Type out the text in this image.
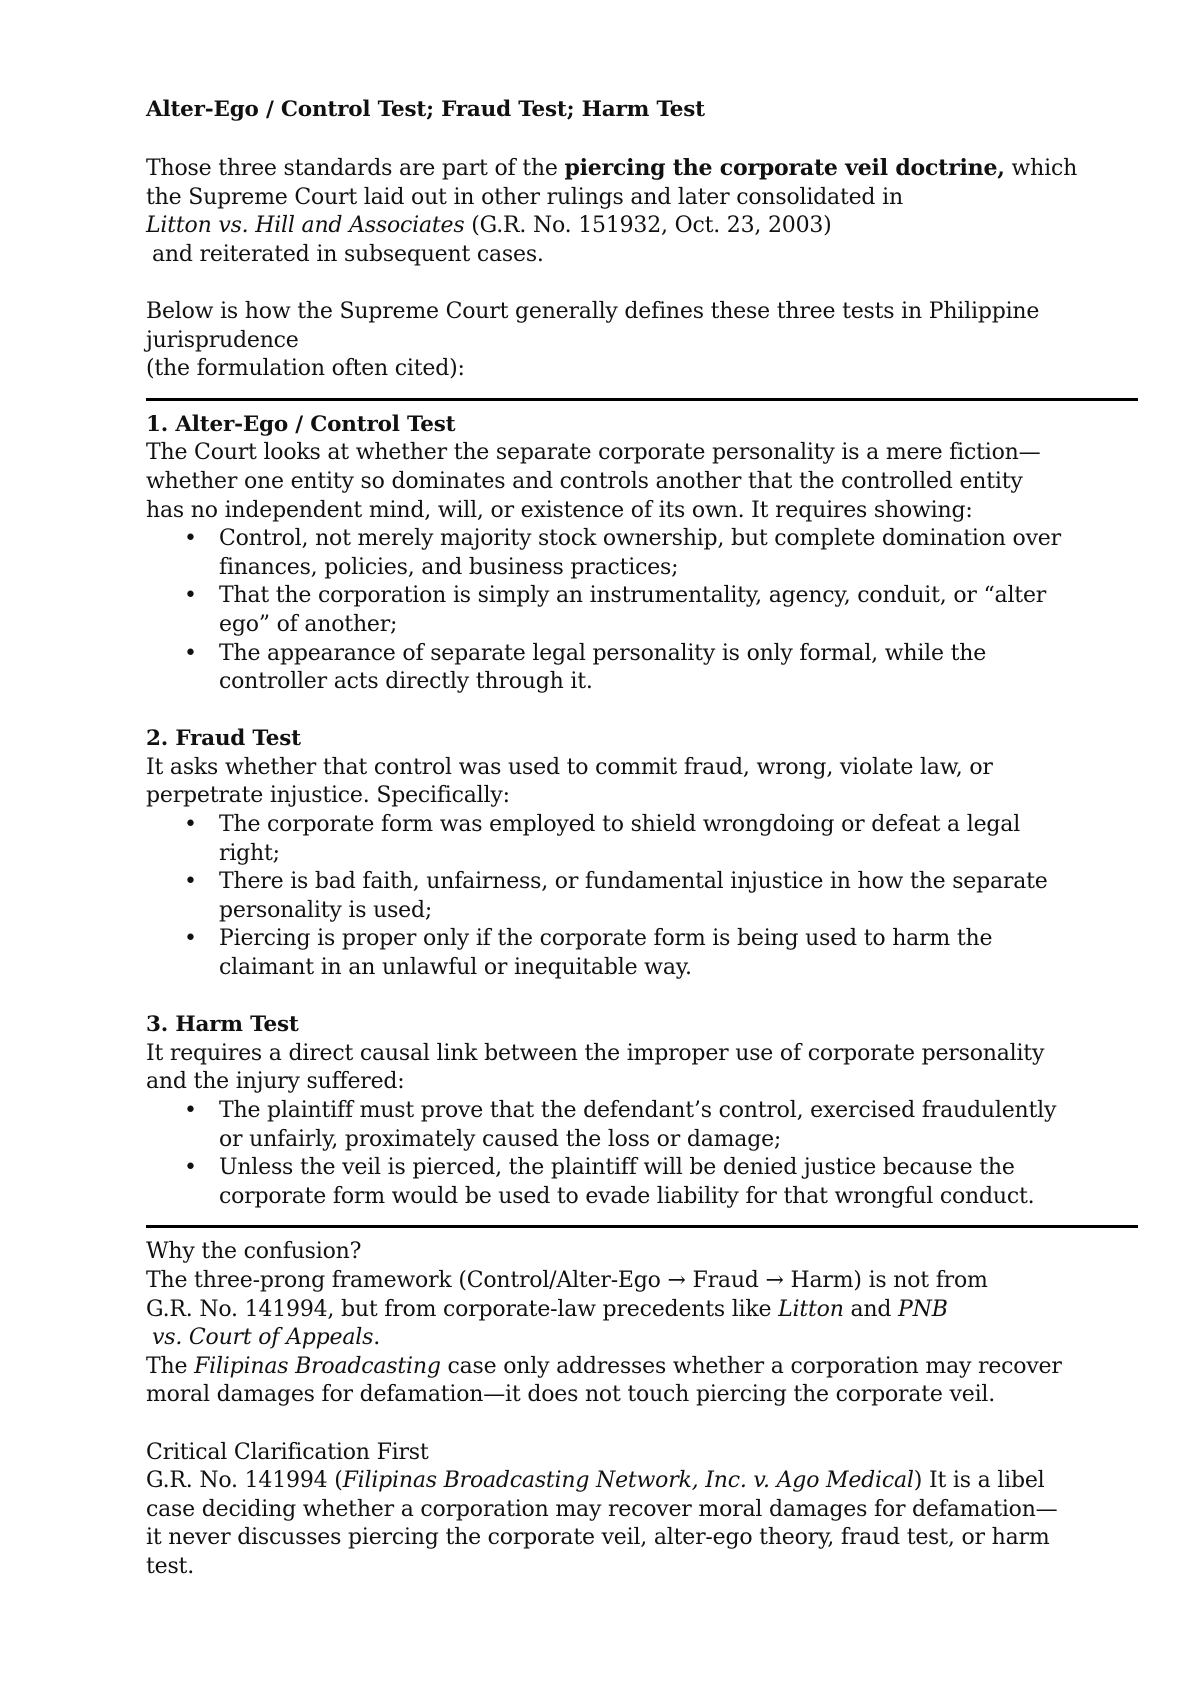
Alter-Ego / Control Test; Fraud Test; Harm Test

Those three standards are part of the piercing the corporate veil doctrine, which

the Supreme Court laid out in other rulings and later consolidated in

Litton vs. Hill and Associates (G.R. No. 151932, Oct. 23, 2003)

and reiterated in subsequent cases.

Below is how the Supreme Court generally defines these three tests in Philippine

jurisprudence

(the formulation often cited):

1. Alter-Ego / Control Test

The Court looks at whether the separate corporate personality is a mere fiction—

whether one entity so dominates and controls another that the controlled entity

has no independent mind, will, or existence of its own. It requires showing:

• Control, not merely majority stock ownership, but complete domination over
finances, policies, and business practices;
• That the corporation is simply an instrumentality, agency, conduit, or “alter
ego” of another;
• The appearance of separate legal personality is only formal, while the
controller acts directly through it.

2. Fraud Test

It asks whether that control was used to commit fraud, wrong, violate law, or

perpetrate injustice. Specifically:

• The corporate form was employed to shield wrongdoing or defeat a legal
right;
• There is bad faith, unfairness, or fundamental injustice in how the separate
personality is used;
• Piercing is proper only if the corporate form is being used to harm the
claimant in an unlawful or inequitable way.

3. Harm Test

It requires a direct causal link between the improper use of corporate personality

and the injury suffered:

• The plaintiff must prove that the defendant’s control, exercised fraudulently
or unfairly, proximately caused the loss or damage;
• Unless the veil is pierced, the plaintiff will be denied justice because the
corporate form would be used to evade liability for that wrongful conduct.

Why the confusion?

The three-prong framework (Control/Alter-Ego → Fraud → Harm) is not from

G.R. No. 141994, but from corporate-law precedents like Litton and PNB

vs. Court of Appeals.

The Filipinas Broadcasting case only addresses whether a corporation may recover

moral damages for defamation—it does not touch piercing the corporate veil.

Critical Clarification First

G.R. No. 141994 (Filipinas Broadcasting Network, Inc. v. Ago Medical) It is a libel

case deciding whether a corporation may recover moral damages for defamation—

it never discusses piercing the corporate veil, alter-ego theory, fraud test, or harm

test.
